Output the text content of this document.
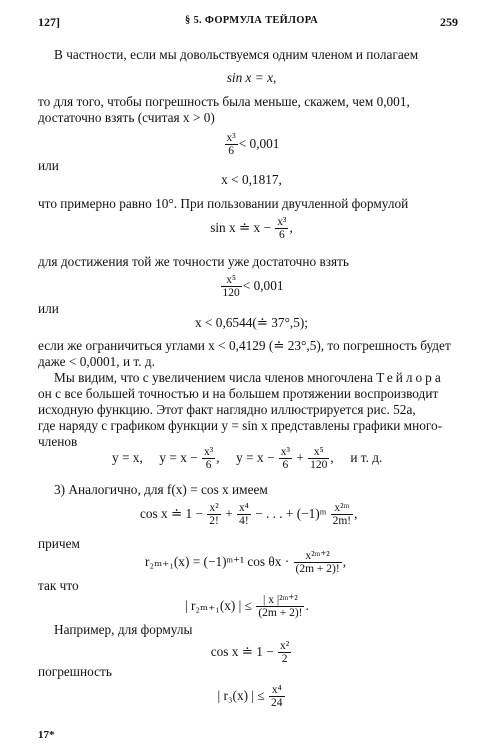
127]	§ 5. ФОРМУЛА ТЕЙЛОРА	259
В частности, если мы довольствуемся одним членом и полагаем
sin x = x,
то для того, чтобы погрешность была меньше, скажем, чем 0,001,
достаточно взять (считая x > 0)
$\frac{\text{x³}}{6} < 0,001$
или
x < 0,1817,
что примерно равно 10°. При пользовании двучленной формулой
sin x ≐ $x - \frac{\text{x³}}{6}$ ,
для достижения той же точности уже достаточно взять
$\frac{\text{x⁵}}{120} < 0,001$
или
x < 0,6544(≐ 37°,5);
если же ограничиться углами x < 0,4129 (≐ 23°,5), то погрешность будет
даже < 0,0001, и т. д.
Мы видим, что с увеличением числа членов многочлена Тейлора
он с все большей точностью и на большем протяжении воспроизводит
исходную функцию. Этот факт наглядно иллюстрируется рис. 52а,
где наряду с графиком функции y = sin x представлены графики много-
членов
y = x, $y = x - \frac{\text{x³}}{6}$ , $y = x - \frac{\text{x³}}{6} + \frac{\text{x⁵}}{120}$ , и т. д.
3) Аналогично, для f(x) = cos x имеем
cos x ≐ $1 - \frac{\text{x²}}{2!} + \frac{\text{x⁴}}{4!}$ − . . . + (−1)ᵐ $\frac{\text{x²ᵐ}}{2m!}$ ,
причем
r₂ₘ₊₁(x) = (−1)ᵐ⁺¹ $\cos \theta x \cdot \frac{\text{x²ᵐ⁺²}}{(2m + 2)!}$ ,
так что
| r₂ₘ₊₁(x) | ≤ $\frac{\text{| x |²ᵐ⁺²}}{(2m + 2)!}$ .
Например, для формулы
cos x ≐ $1 - \frac{\text{x²}}{2}$
погрешность
| r₃(x) | ≤ $\frac{\text{x⁴}}{24}$
17*
